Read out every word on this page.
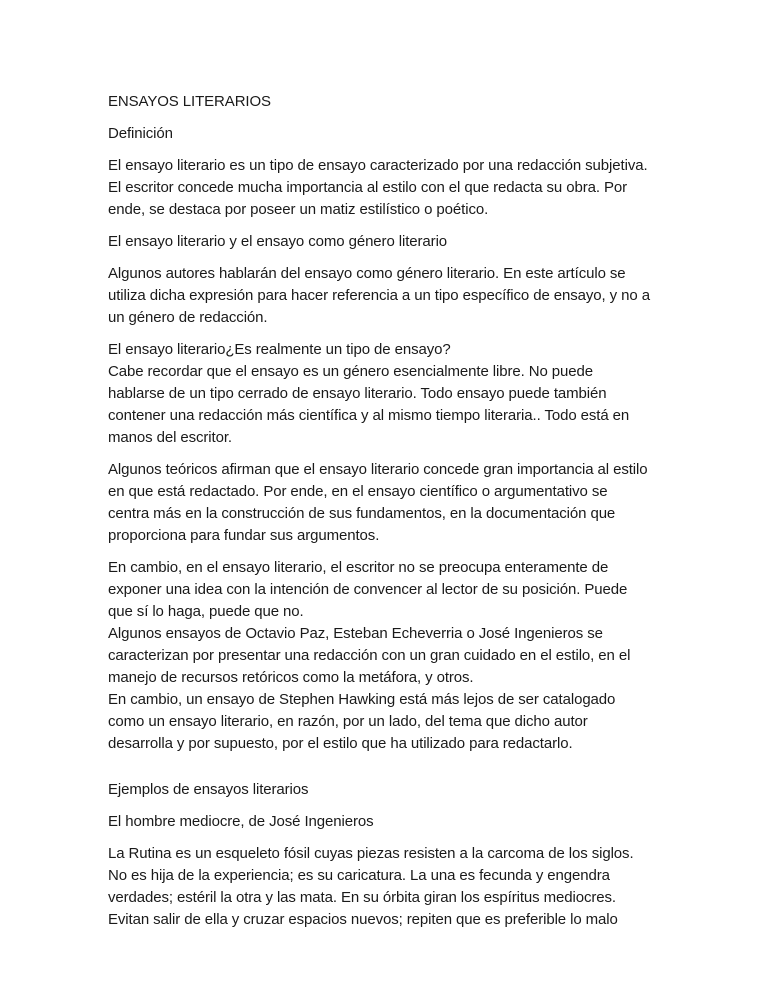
ENSAYOS LITERARIOS
Definición
El ensayo literario es un tipo de ensayo caracterizado por una redacción subjetiva.
El escritor concede mucha importancia al estilo con el que redacta su obra. Por
ende, se destaca por poseer un matiz estilístico o poético.
El ensayo literario y el ensayo como género literario
Algunos autores hablarán del ensayo como género literario. En este artículo se
utiliza dicha expresión para hacer referencia a un tipo específico de ensayo, y no a
un género de redacción.
El ensayo literario¿Es realmente un tipo de ensayo?
Cabe recordar que el ensayo es un género esencialmente libre. No puede
hablarse de un tipo cerrado de ensayo literario. Todo ensayo puede también
contener una redacción más científica y al mismo tiempo literaria.. Todo está en
manos del escritor.
Algunos teóricos afirman que el ensayo literario concede gran importancia al estilo
en que está redactado. Por ende, en el ensayo científico o argumentativo se
centra más en la construcción de sus fundamentos, en la documentación que
proporciona para fundar sus argumentos.
En cambio, en el ensayo literario, el escritor no se preocupa enteramente de
exponer una idea con la intención de convencer al lector de su posición. Puede
que sí lo haga, puede que no.
Algunos ensayos de Octavio Paz, Esteban Echeverria o José Ingenieros se
caracterizan por presentar una redacción con un gran cuidado en el estilo, en el
manejo de recursos retóricos como la metáfora, y otros.
En cambio, un ensayo de Stephen Hawking está más lejos de ser catalogado
como un ensayo literario, en razón, por un lado, del tema que dicho autor
desarrolla y por supuesto, por el estilo que ha utilizado para redactarlo.
Ejemplos de ensayos literarios
El hombre mediocre, de José Ingenieros
La Rutina es un esqueleto fósil cuyas piezas resisten a la carcoma de los siglos.
No es hija de la experiencia; es su caricatura. La una es fecunda y engendra
verdades; estéril la otra y las mata. En su órbita giran los espíritus mediocres.
Evitan salir de ella y cruzar espacios nuevos; repiten que es preferible lo malo
